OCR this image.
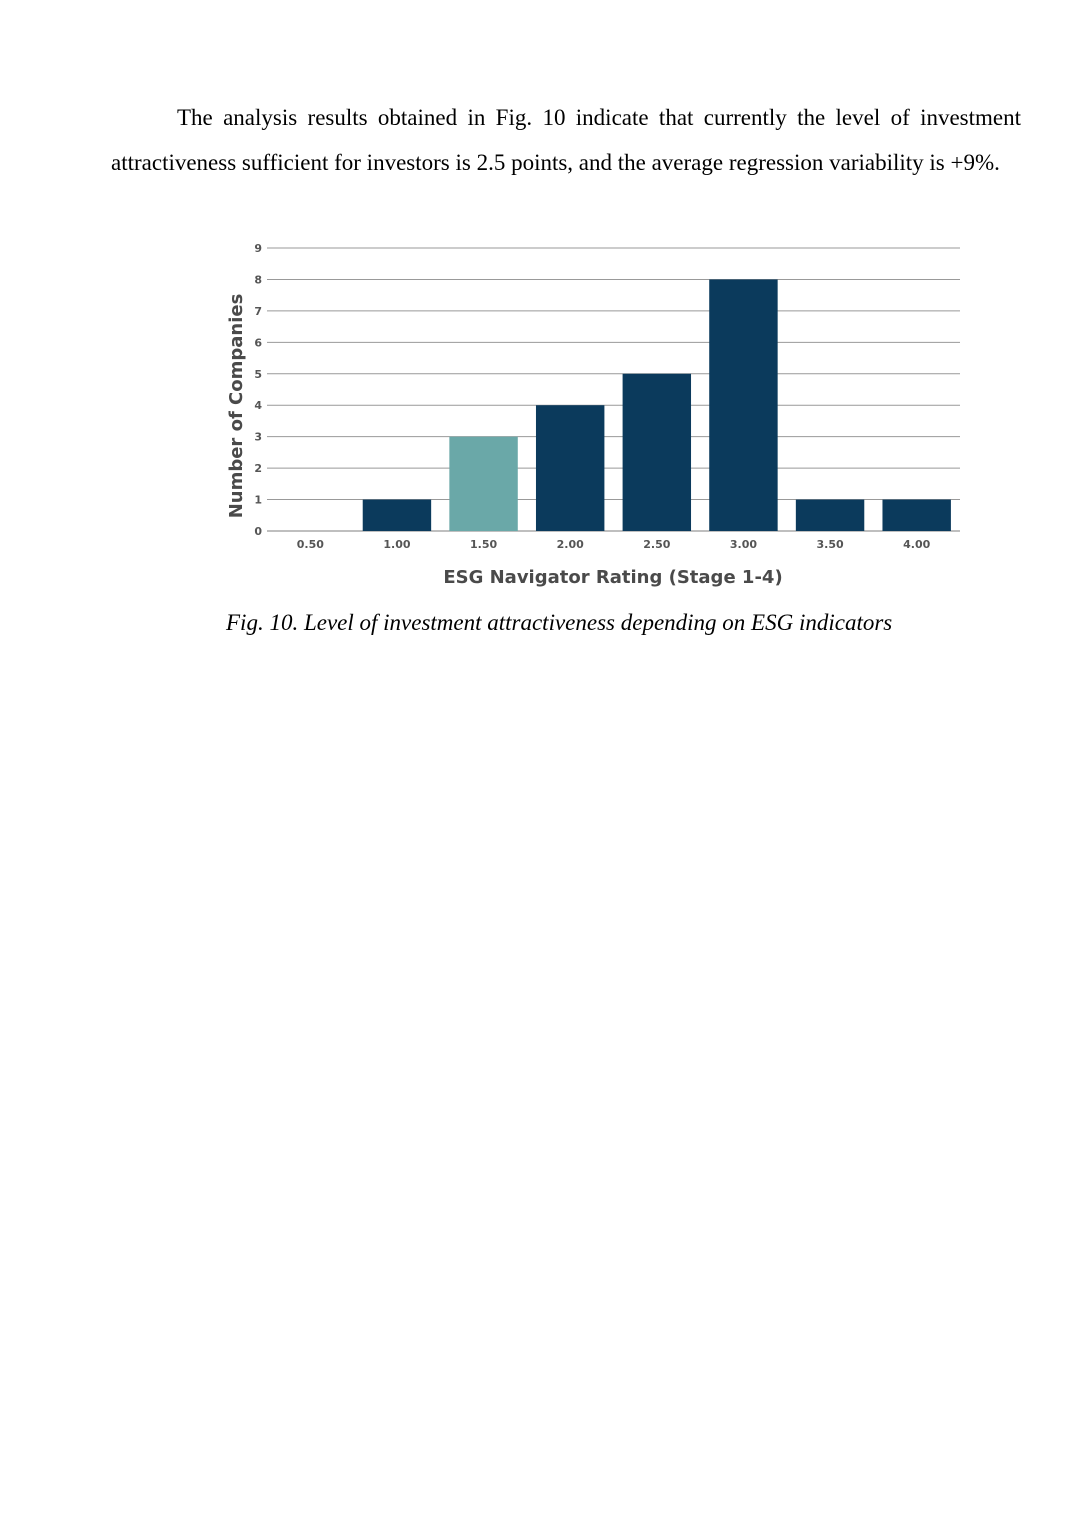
The analysis results obtained in Fig. 10 indicate that currently the level of investment attractiveness sufficient for investors is 2.5 points, and the average regression variability is +9%.

0
1
2
3
4
5
6
7
8
9
0.50	1.00	1.50	2.00	2.50	3.00	3.50	4.00
ESG Navigator Rating (Stage 1-4)
Number of Companies

Fig. 10. Level of investment attractiveness depending on ESG indicators
